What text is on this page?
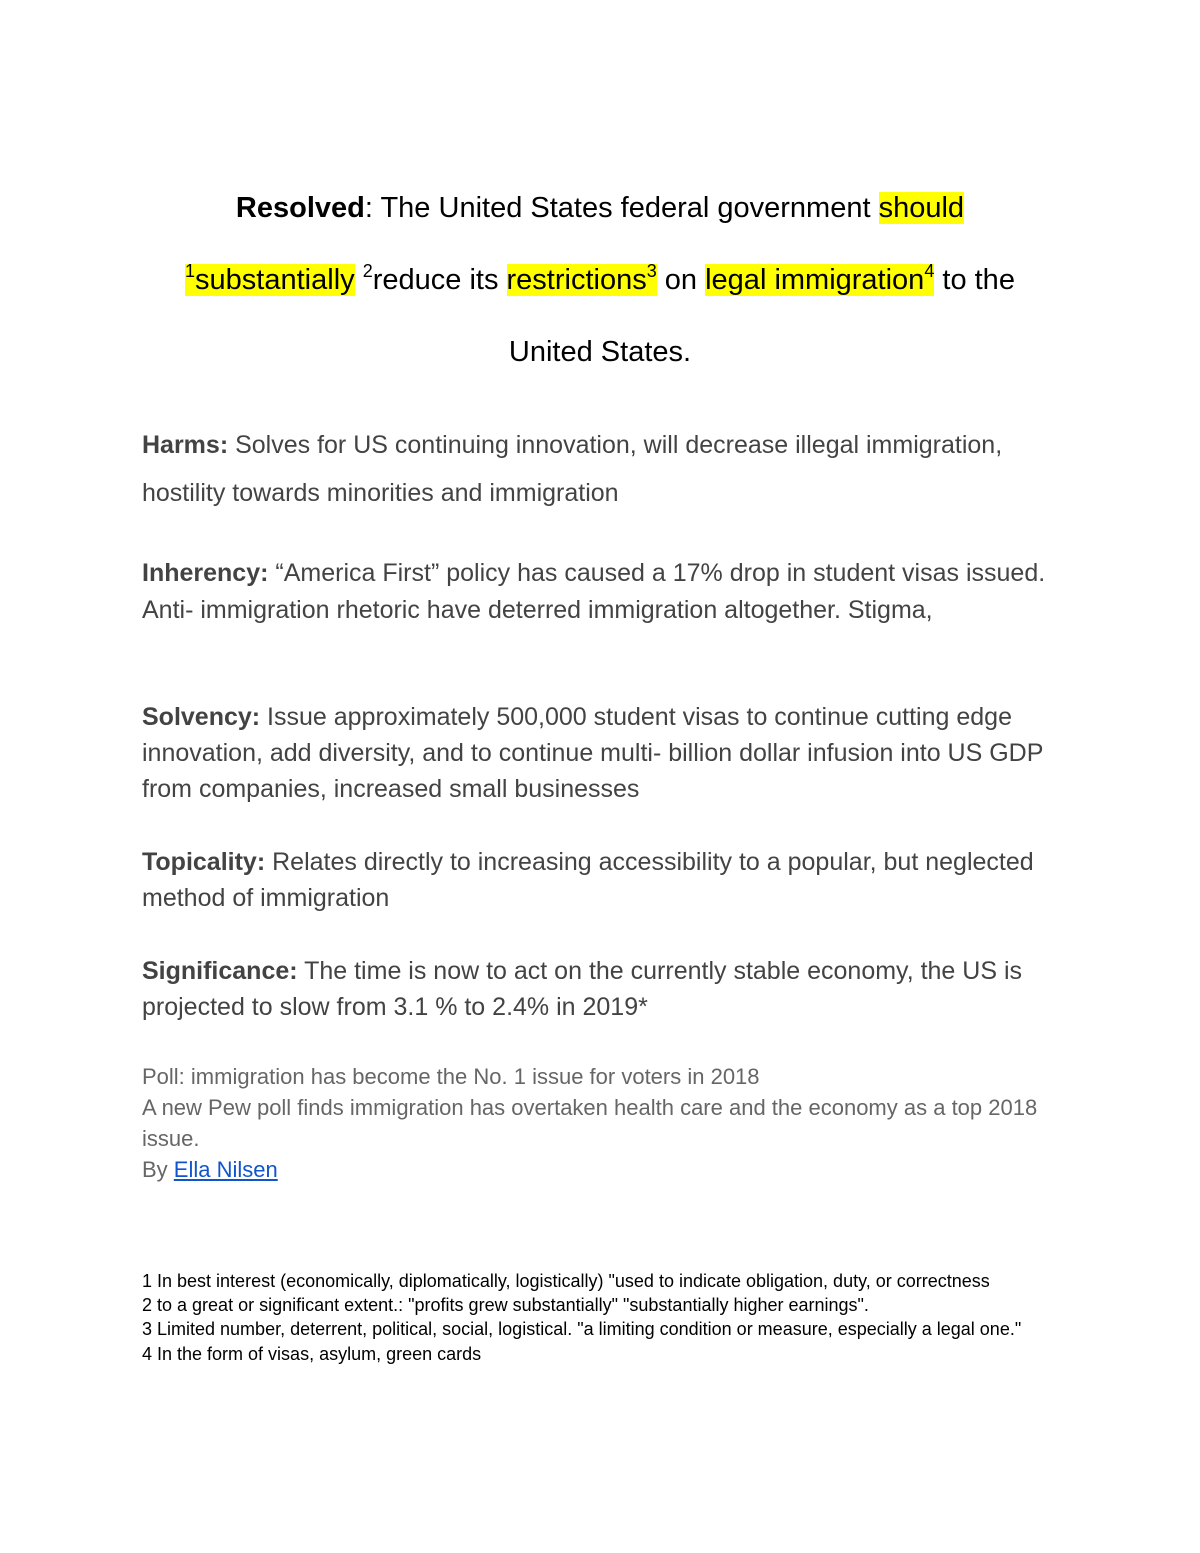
Resolved: The United States federal government should
$^1$substantially $^2$reduce its restrictions$^3$ on legal immigration$^4$ to the
United States.
Harms: Solves for US continuing innovation, will decrease illegal immigration, hostility towards minorities and immigration
Inherency: “America First” policy has caused a 17% drop in student visas issued. Anti- immigration rhetoric have deterred immigration altogether. Stigma,
Solvency: Issue approximately 500,000 student visas to continue cutting edge innovation, add diversity, and to continue multi- billion dollar infusion into US GDP from companies, increased small businesses
Topicality: Relates directly to increasing accessibility to a popular, but neglected method of immigration
Significance: The time is now to act on the currently stable economy, the US is projected to slow from 3.1 % to 2.4% in 2019*
Poll: immigration has become the No. 1 issue for voters in 2018
A new Pew poll finds immigration has overtaken health care and the economy as a top 2018 issue.
By Ella Nilsen
1 In best interest (economically, diplomatically, logistically) "used to indicate obligation, duty, or correctness
2 to a great or significant extent.: "profits grew substantially" "substantially higher earnings".
3 Limited number, deterrent, political, social, logistical. "a limiting condition or measure, especially a legal one."
4 In the form of visas, asylum, green cards
